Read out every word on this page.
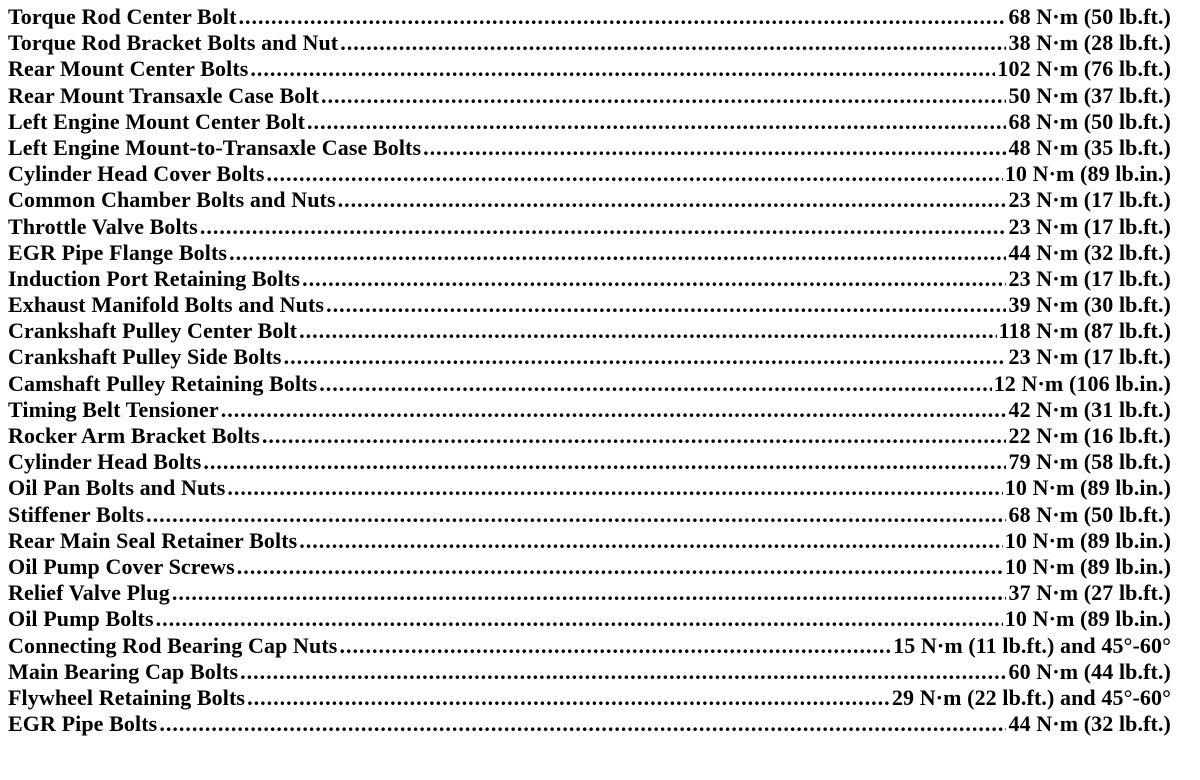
Torque Rod Center Bolt .....	68 N·m (50 lb.ft.)
Torque Rod Bracket Bolts and Nut .....	38 N·m (28 lb.ft.)
Rear Mount Center Bolts .....	102 N·m (76 lb.ft.)
Rear Mount Transaxle Case Bolt .....	50 N·m (37 lb.ft.)
Left Engine Mount Center Bolt .....	68 N·m (50 lb.ft.)
Left Engine Mount-to-Transaxle Case Bolts .....	48 N·m (35 lb.ft.)
Cylinder Head Cover Bolts .....	10 N·m (89 lb.in.)
Common Chamber Bolts and Nuts .....	23 N·m (17 lb.ft.)
Throttle Valve Bolts .....	23 N·m (17 lb.ft.)
EGR Pipe Flange Bolts .....	44 N·m (32 lb.ft.)
Induction Port Retaining Bolts .....	23 N·m (17 lb.ft.)
Exhaust Manifold Bolts and Nuts .....	39 N·m (30 lb.ft.)
Crankshaft Pulley Center Bolt .....	118 N·m (87 lb.ft.)
Crankshaft Pulley Side Bolts .....	23 N·m (17 lb.ft.)
Camshaft Pulley Retaining Bolts .....	12 N·m (106 lb.in.)
Timing Belt Tensioner .....	42 N·m (31 lb.ft.)
Rocker Arm Bracket Bolts .....	22 N·m (16 lb.ft.)
Cylinder Head Bolts .....	79 N·m (58 lb.ft.)
Oil Pan Bolts and Nuts .....	10 N·m (89 lb.in.)
Stiffener Bolts .....	68 N·m (50 lb.ft.)
Rear Main Seal Retainer Bolts .....	10 N·m (89 lb.in.)
Oil Pump Cover Screws .....	10 N·m (89 lb.in.)
Relief Valve Plug .....	37 N·m (27 lb.ft.)
Oil Pump Bolts .....	10 N·m (89 lb.in.)
Connecting Rod Bearing Cap Nuts .....	15 N·m (11 lb.ft.) and 45°-60°
Main Bearing Cap Bolts .....	60 N·m (44 lb.ft.)
Flywheel Retaining Bolts .....	29 N·m (22 lb.ft.) and 45°-60°
EGR Pipe Bolts .....	44 N·m (32 lb.ft.)
